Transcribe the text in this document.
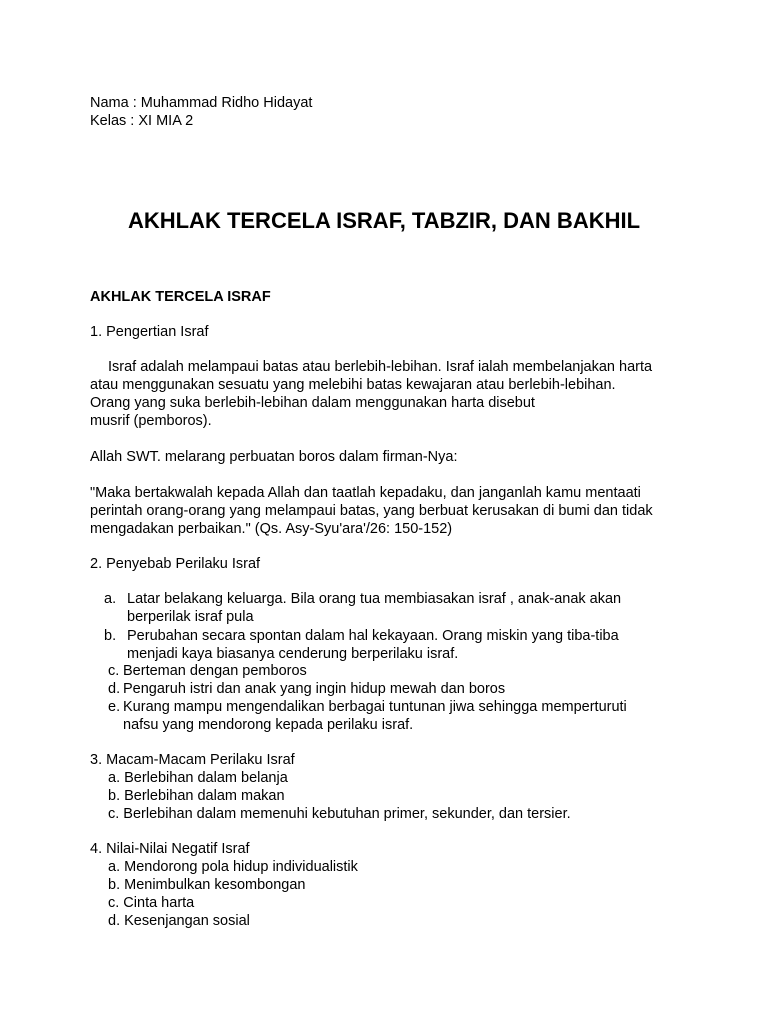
Nama : Muhammad Ridho Hidayat
Kelas : XI MIA 2
AKHLAK TERCELA ISRAF, TABZIR, DAN BAKHIL
AKHLAK TERCELA ISRAF
1. Pengertian Israf
Israf adalah melampaui batas atau berlebih-lebihan. Israf ialah membelanjakan harta
atau menggunakan sesuatu yang melebihi batas kewajaran atau berlebih-lebihan.
Orang yang suka berlebih-lebihan dalam menggunakan harta disebut
musrif (pemboros).
Allah SWT. melarang perbuatan boros dalam firman-Nya:
"Maka bertakwalah kepada Allah dan taatlah kepadaku, dan janganlah kamu mentaati
perintah orang-orang yang melampaui batas, yang berbuat kerusakan di bumi dan tidak
mengadakan perbaikan." (Qs. Asy-Syu'ara'/26: 150-152)
2. Penyebab Perilaku Israf
a. Latar belakang keluarga. Bila orang tua membiasakan israf , anak-anak akan
berperilak israf pula
b. Perubahan secara spontan dalam hal kekayaan. Orang miskin yang tiba-tiba
menjadi kaya biasanya cenderung berperilaku israf.
c. Berteman dengan pemboros
d. Pengaruh istri dan anak yang ingin hidup mewah dan boros
e. Kurang mampu mengendalikan berbagai tuntunan jiwa sehingga memperturuti
nafsu yang mendorong kepada perilaku israf.
3. Macam-Macam Perilaku Israf
a. Berlebihan dalam belanja
b. Berlebihan dalam makan
c. Berlebihan dalam memenuhi kebutuhan primer, sekunder, dan tersier.
4. Nilai-Nilai Negatif Israf
a. Mendorong pola hidup individualistik
b. Menimbulkan kesombongan
c. Cinta harta
d. Kesenjangan sosial
